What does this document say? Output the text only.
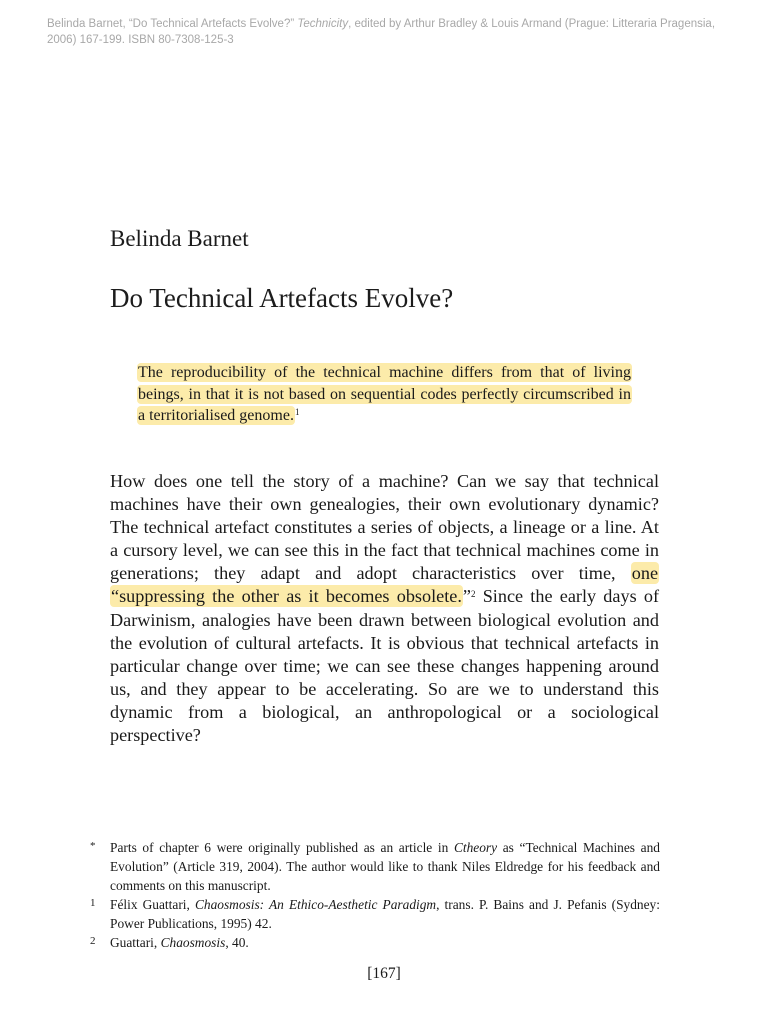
Belinda Barnet, “Do Technical Artefacts Evolve?” Technicity, edited by Arthur Bradley & Louis Armand (Prague: Litteraria Pragensia, 2006) 167-199. ISBN 80-7308-125-3
Belinda Barnet
Do Technical Artefacts Evolve?
The reproducibility of the technical machine differs from that of living beings, in that it is not based on sequential codes perfectly circumscribed in a territorialised genome.$^1$
How does one tell the story of a machine? Can we say that technical machines have their own genealogies, their own evolutionary dynamic? The technical artefact constitutes a series of objects, a lineage or a line. At a cursory level, we can see this in the fact that technical machines come in generations; they adapt and adopt characteristics over time, one “suppressing the other as it becomes obsolete.”$^2$ Since the early days of Darwinism, analogies have been drawn between biological evolution and the evolution of cultural artefacts. It is obvious that technical artefacts in particular change over time; we can see these changes happening around us, and they appear to be accelerating. So are we to understand this dynamic from a biological, an anthropological or a sociological perspective?
*	Parts of chapter 6 were originally published as an article in Ctheory as “Technical Machines and Evolution” (Article 319, 2004). The author would like to thank Niles Eldredge for his feedback and comments on this manuscript.
1	Félix Guattari, Chaosmosis: An Ethico-Aesthetic Paradigm, trans. P. Bains and J. Pefanis (Sydney: Power Publications, 1995) 42.
2	Guattari, Chaosmosis, 40.
[167]
